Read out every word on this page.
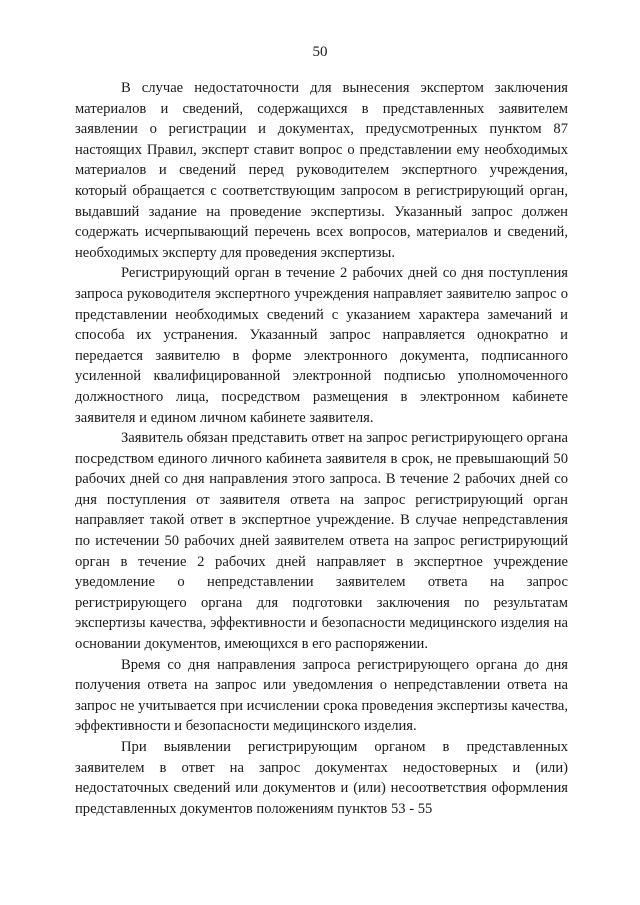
50

В случае недостаточности для вынесения экспертом заключения материалов и сведений, содержащихся в представленных заявителем заявлении о регистрации и документах, предусмотренных пунктом 87 настоящих Правил, эксперт ставит вопрос о представлении ему необходимых материалов и сведений перед руководителем экспертного учреждения, который обращается с соответствующим запросом в регистрирующий орган, выдавший задание на проведение экспертизы. Указанный запрос должен содержать исчерпывающий перечень всех вопросов, материалов и сведений, необходимых эксперту для проведения экспертизы.

Регистрирующий орган в течение 2 рабочих дней со дня поступления запроса руководителя экспертного учреждения направляет заявителю запрос о представлении необходимых сведений с указанием характера замечаний и способа их устранения. Указанный запрос направляется однократно и передается заявителю в форме электронного документа, подписанного усиленной квалифицированной электронной подписью уполномоченного должностного лица, посредством размещения в электронном кабинете заявителя и едином личном кабинете заявителя.

Заявитель обязан представить ответ на запрос регистрирующего органа посредством единого личного кабинета заявителя в срок, не превышающий 50 рабочих дней со дня направления этого запроса. В течение 2 рабочих дней со дня поступления от заявителя ответа на запрос регистрирующий орган направляет такой ответ в экспертное учреждение. В случае непредставления по истечении 50 рабочих дней заявителем ответа на запрос регистрирующий орган в течение 2 рабочих дней направляет в экспертное учреждение уведомление о непредставлении заявителем ответа на запрос регистрирующего органа для подготовки заключения по результатам экспертизы качества, эффективности и безопасности медицинского изделия на основании документов, имеющихся в его распоряжении.

Время со дня направления запроса регистрирующего органа до дня получения ответа на запрос или уведомления о непредставлении ответа на запрос не учитывается при исчислении срока проведения экспертизы качества, эффективности и безопасности медицинского изделия.

При выявлении регистрирующим органом в представленных заявителем в ответ на запрос документах недостоверных и (или) недостаточных сведений или документов и (или) несоответствия оформления представленных документов положениям пунктов 53 - 55
